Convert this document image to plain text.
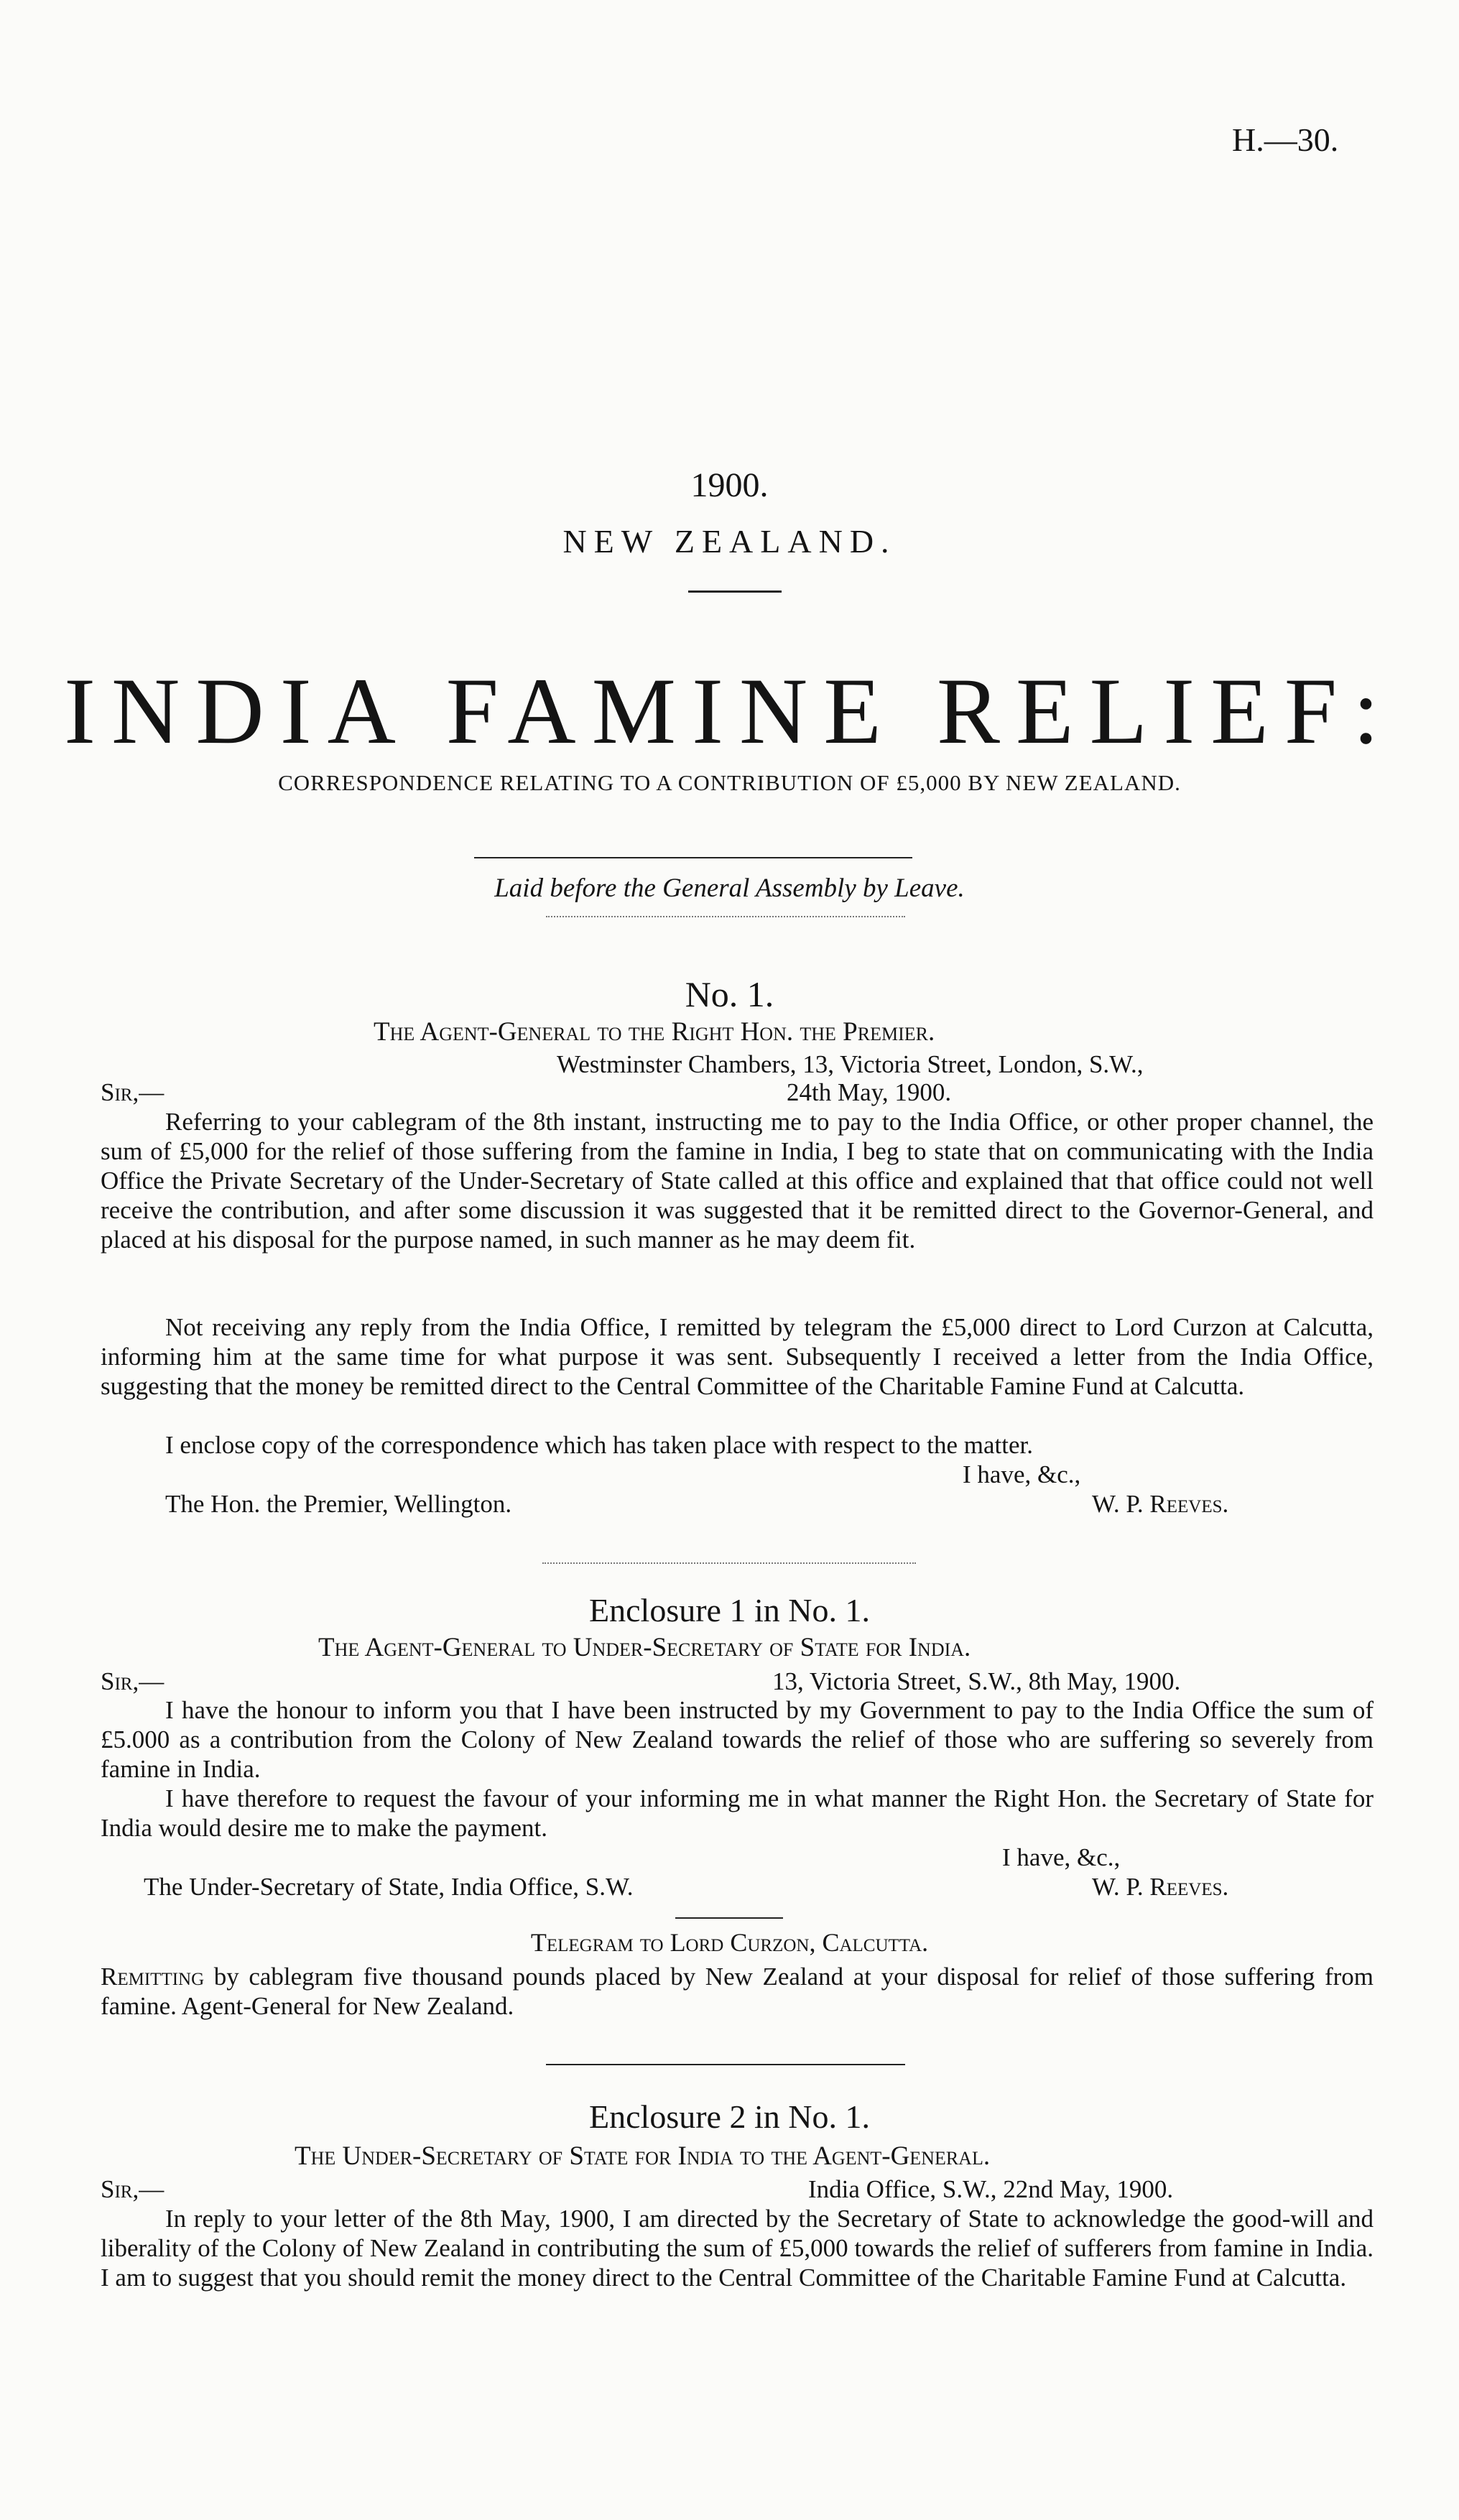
H.—30.
1900.
NEW ZEALAND.
INDIA FAMINE RELIEF:
CORRESPONDENCE RELATING TO A CONTRIBUTION OF £5,000 BY NEW ZEALAND.
Laid before the General Assembly by Leave.
No. 1.
The Agent-General to the Right Hon. the Premier.
Westminster Chambers, 13, Victoria Street, London, S.W.,
Sir,—	24th May, 1900.
Referring to your cablegram of the 8th instant, instructing me to pay to the India Office, or other proper channel, the sum of £5,000 for the relief of those suffering from the famine in India, I beg to state that on communicating with the India Office the Private Secretary of the Under-Secretary of State called at this office and explained that that office could not well receive the contribution, and after some discussion it was suggested that it be remitted direct to the Governor-General, and placed at his disposal for the purpose named, in such manner as he may deem fit.
Not receiving any reply from the India Office, I remitted by telegram the £5,000 direct to Lord Curzon at Calcutta, informing him at the same time for what purpose it was sent. Subsequently I received a letter from the India Office, suggesting that the money be remitted direct to the Central Committee of the Charitable Famine Fund at Calcutta.
I enclose copy of the correspondence which has taken place with respect to the matter.
I have, &c.,
The Hon. the Premier, Wellington.	W. P. Reeves.
Enclosure 1 in No. 1.
The Agent-General to Under-Secretary of State for India.
Sir,—	13, Victoria Street, S.W., 8th May, 1900.
I have the honour to inform you that I have been instructed by my Government to pay to the India Office the sum of £5.000 as a contribution from the Colony of New Zealand towards the relief of those who are suffering so severely from famine in India.
I have therefore to request the favour of your informing me in what manner the Right Hon. the Secretary of State for India would desire me to make the payment.
I have, &c.,
The Under-Secretary of State, India Office, S.W.	W. P. Reeves.
Telegram to Lord Curzon, Calcutta.
Remitting by cablegram five thousand pounds placed by New Zealand at your disposal for relief of those suffering from famine. Agent-General for New Zealand.
Enclosure 2 in No. 1.
The Under-Secretary of State for India to the Agent-General.
Sir,—	India Office, S.W., 22nd May, 1900.
In reply to your letter of the 8th May, 1900, I am directed by the Secretary of State to acknowledge the good-will and liberality of the Colony of New Zealand in contributing the sum of £5,000 towards the relief of sufferers from famine in India. I am to suggest that you should remit the money direct to the Central Committee of the Charitable Famine Fund at Calcutta.
